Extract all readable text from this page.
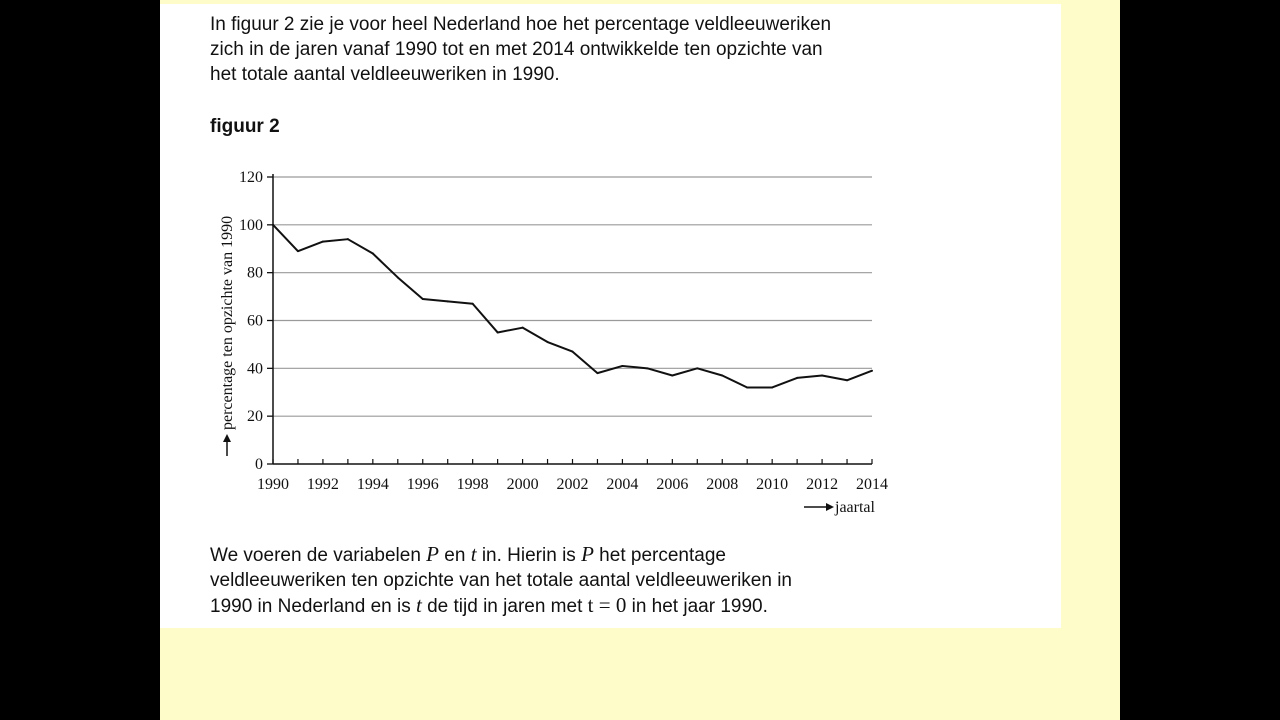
In figuur 2 zie je voor heel Nederland hoe het percentage veldleeuweriken
zich in de jaren vanaf 1990 tot en met 2014 ontwikkelde ten opzichte van
het totale aantal veldleeuweriken in 1990.

figuur 2
0
20
40
60
80
100
120
1990 1992 1994 1996 1998 2000 2002 2004 2006 2008 2010 2012 2014
percentage ten opzichte van 1990
jaartal

We voeren de variabelen P en t in. Hierin is P het percentage
veldleeuweriken ten opzichte van het totale aantal veldleeuweriken in
1990 in Nederland en is t de tijd in jaren met t = 0 in het jaar 1990.
